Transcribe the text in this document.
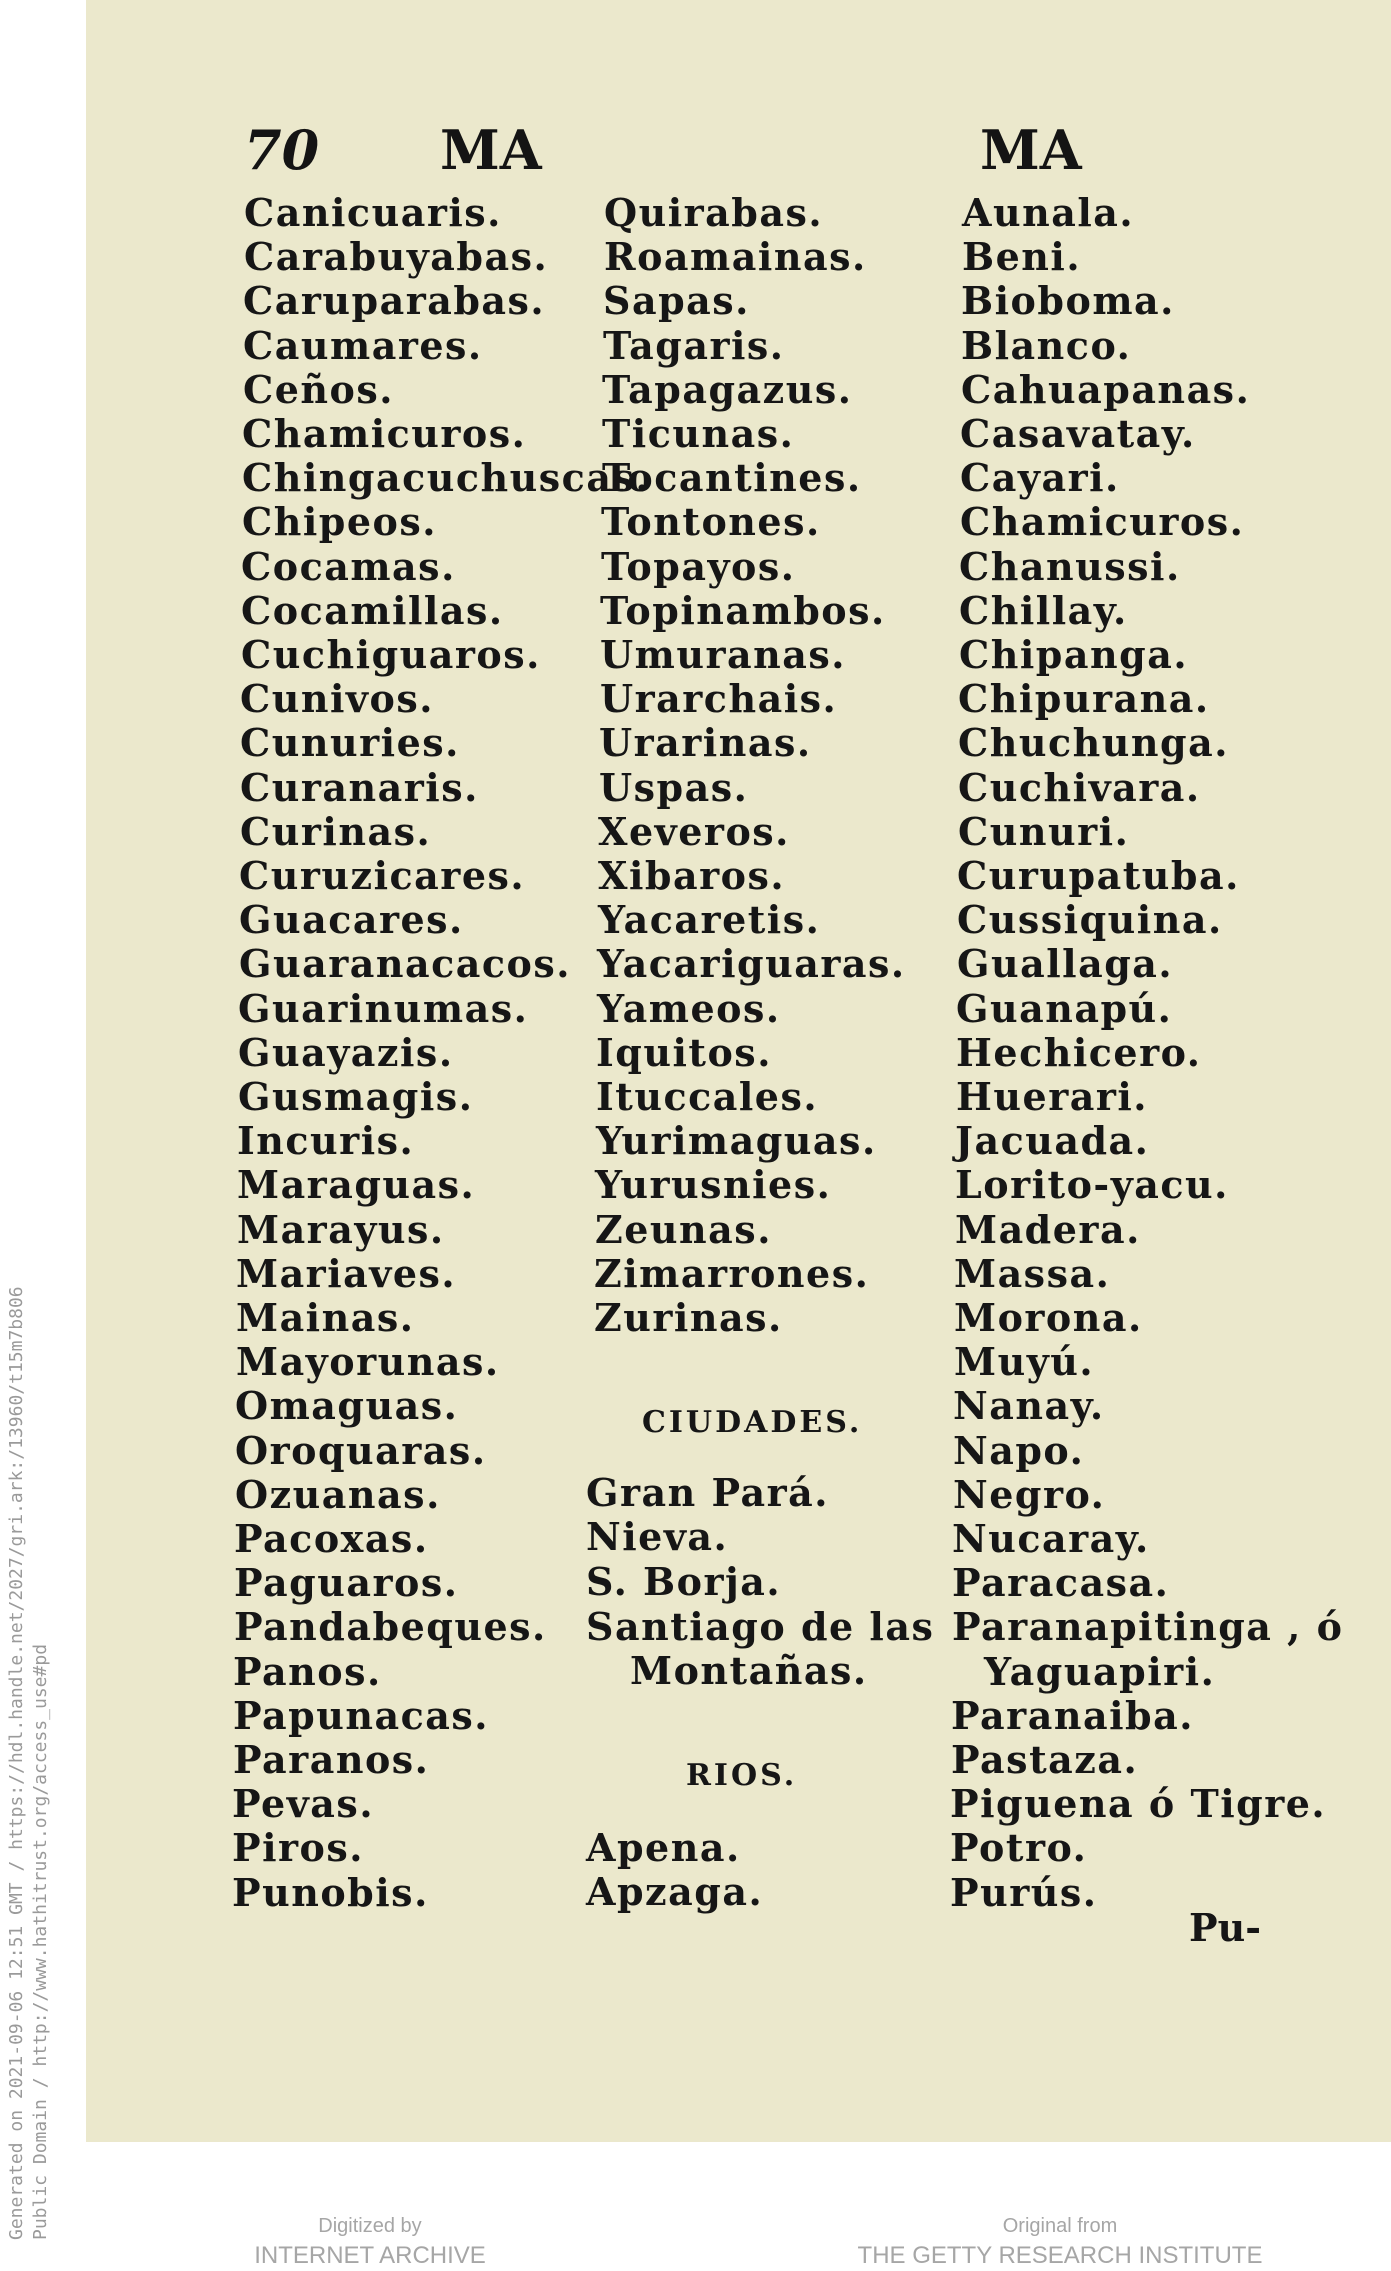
Generated on 2021-09-06 12:51 GMT / https://hdl.handle.net/2027/gri.ark:/13960/t15m7b806 Public Domain / http://www.hathitrust.org/access_use#pd
70 MA	MA
Canicuaris.
Carabuyabas.
Caruparabas.
Caumares.
Ceños.
Chamicuros.
Chingacuchuscas.
Chipeos.
Cocamas.
Cocamillas.
Cuchiguaros.
Cunivos.
Cunuries.
Curanaris.
Curinas.
Curuzicares.
Guacares.
Guaranacacos.
Guarinumas.
Guayazis.
Gusmagis.
Incuris.
Maraguas.
Marayus.
Mariaves.
Mainas.
Mayorunas.
Omaguas.
Oroquaras.
Ozuanas.
Pacoxas.
Paguaros.
Pandabeques.
Panos.
Papunacas.
Paranos.
Pevas.
Piros.
Punobis.
Quirabas.
Roamainas.
Sapas.
Tagaris.
Tapagazus.
Ticunas.
Tocantines.
Tontones.
Topayos.
Topinambos.
Umuranas.
Urarchais.
Urarinas.
Uspas.
Xeveros.
Xibaros.
Yacaretis.
Yacariguaras.
Yameos.
Iquitos.
Ituccales.
Yurimaguas.
Yurusnies.
Zeunas.
Zimarrones.
Zurinas.
CIUDADES.
Gran Pará.
Nieva.
S. Borja.
Santiago de las
Montañas.
RIOS.
Apena.
Apzaga.
Aunala.
Beni.
Bioboma.
Blanco.
Cahuapanas.
Casavatay.
Cayari.
Chamicuros.
Chanussi.
Chillay.
Chipanga.
Chipurana.
Chuchunga.
Cuchivara.
Cunuri.
Curupatuba.
Cussiquina.
Guallaga.
Guanapú.
Hechicero.
Huerari.
Jacuada.
Lorito-yacu.
Madera.
Massa.
Morona.
Muyú.
Nanay.
Napo.
Negro.
Nucaray.
Paracasa.
Paranapitinga , ó
Yaguapiri.
Paranaiba.
Pastaza.
Piguena ó Tigre.
Potro.
Purús.
Pu-
Digitized by
INTERNET ARCHIVE
Original from
THE GETTY RESEARCH INSTITUTE
